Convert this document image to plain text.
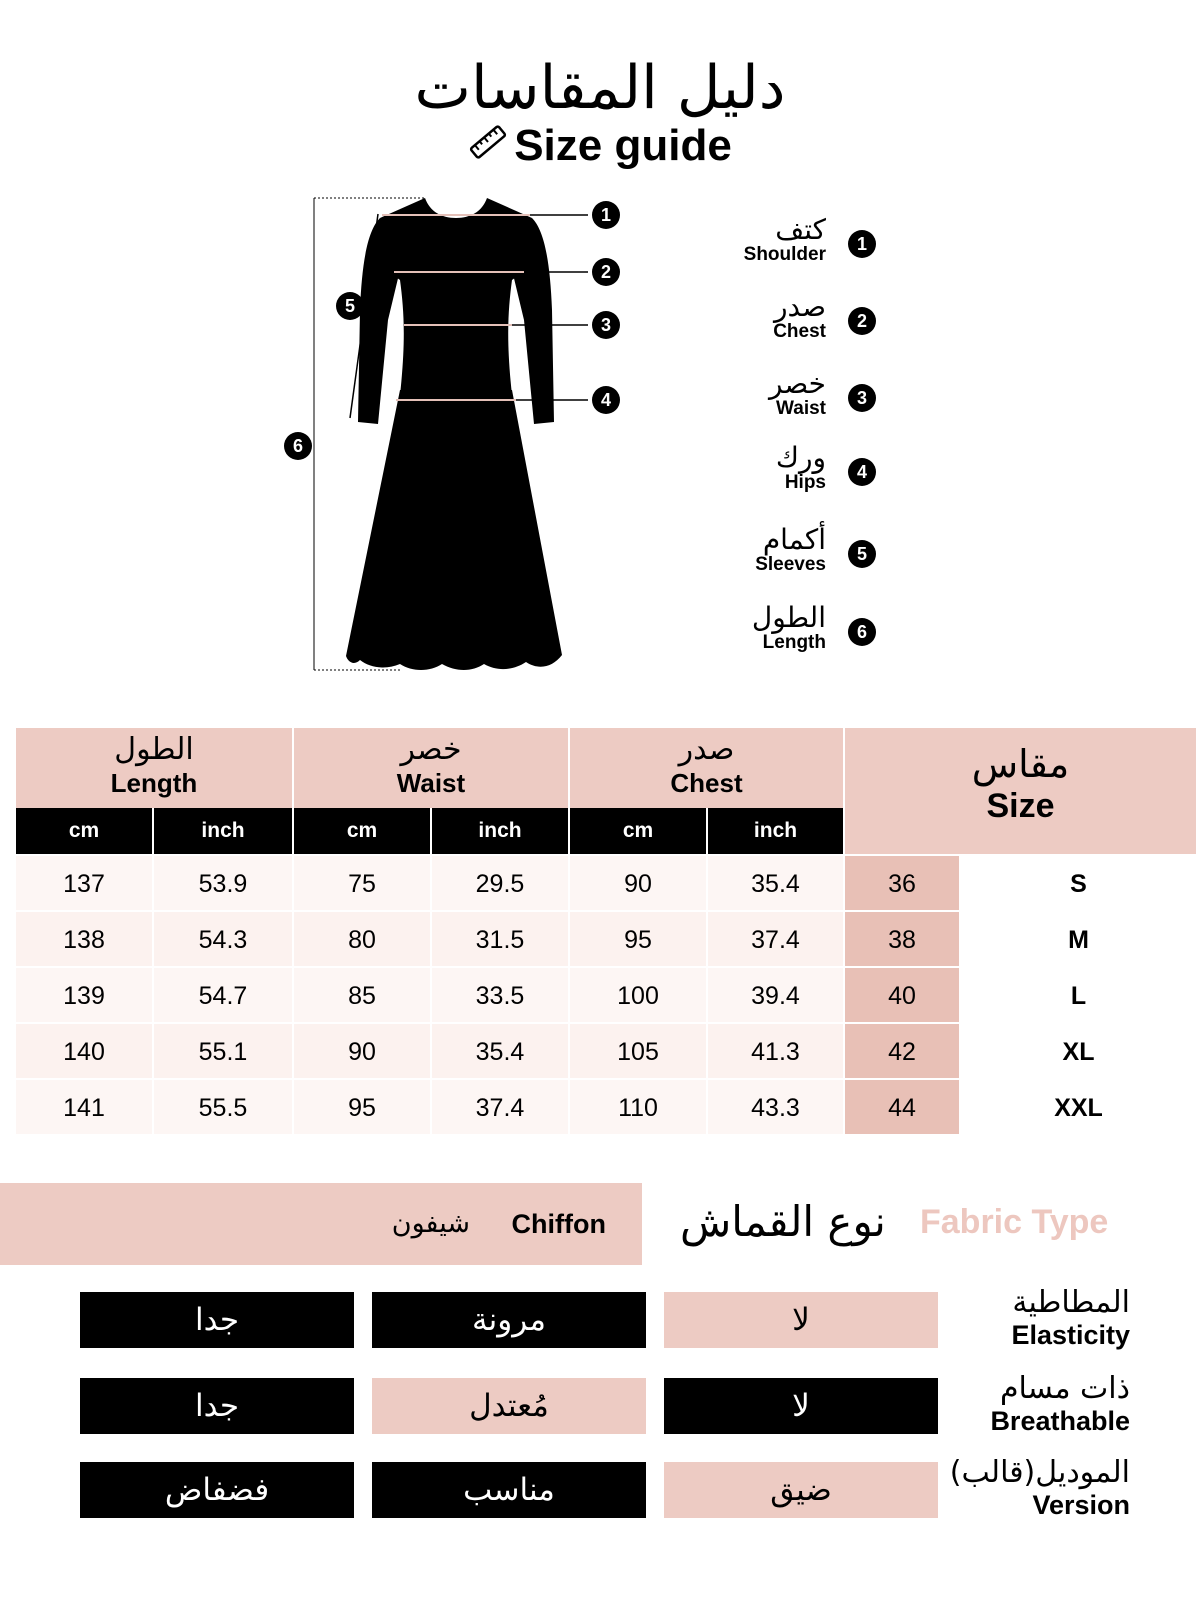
دليل المقاسات
Size guide
1
2
3
4
5
6
كتف
Shoulder	1
صدر
Chest	2
خصر
Waist	3
ورك
Hips	4
أكمام
Sleeves	5
الطول
Length	6
الطول
Length
خصر
Waist
صدر
Chest	مقاس
Size
cm	inch	cm	inch	cm	inch
137	53.9	75	29.5	90	35.4	36	S
138	54.3	80	31.5	95	37.4	38	M
139	54.7	85	33.5	100	39.4	40	L
140	55.1	90	35.4	105	41.3	42	XL
141	55.5	95	37.4	110	43.3	44	XXL
Chiffon
شيفون	نوع القماش Fabric Type
جدا	مرونة	لا	المطاطية
Elasticity
جدا	مُعتدل	لا	ذات مسام
Breathable
فضفاض	مناسب	ضيق	(الموديل(قالب
Version
